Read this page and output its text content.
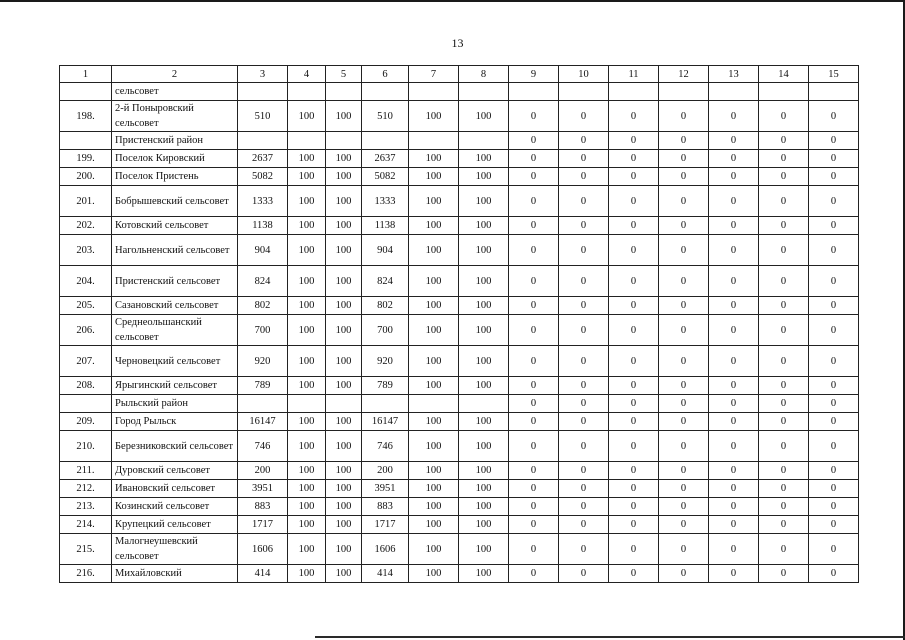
13
1	2	3	4	5	6	7	8	9	10	11	12	13	14	15
	сельсовет													
198.	2-й Поныровский сельсовет	510	100	100	510	100	100	0	0	0	0	0	0	0
	Пристенский район							0	0	0	0	0	0	0
199.	Поселок Кировский	2637	100	100	2637	100	100	0	0	0	0	0	0	0
200.	Поселок Пристень	5082	100	100	5082	100	100	0	0	0	0	0	0	0
201.	Бобрышевский сельсовет	1333	100	100	1333	100	100	0	0	0	0	0	0	0
202.	Котовский сельсовет	1138	100	100	1138	100	100	0	0	0	0	0	0	0
203.	Нагольненский сельсовет	904	100	100	904	100	100	0	0	0	0	0	0	0
204.	Пристенский сельсовет	824	100	100	824	100	100	0	0	0	0	0	0	0
205.	Сазановский сельсовет	802	100	100	802	100	100	0	0	0	0	0	0	0
206.	Среднеольшанский сельсовет	700	100	100	700	100	100	0	0	0	0	0	0	0
207.	Черновецкий сельсовет	920	100	100	920	100	100	0	0	0	0	0	0	0
208.	Ярыгинский сельсовет	789	100	100	789	100	100	0	0	0	0	0	0	0
	Рыльский район							0	0	0	0	0	0	0
209.	Город Рыльск	16147	100	100	16147	100	100	0	0	0	0	0	0	0
210.	Березниковский сельсовет	746	100	100	746	100	100	0	0	0	0	0	0	0
211.	Дуровский сельсовет	200	100	100	200	100	100	0	0	0	0	0	0	0
212.	Ивановский сельсовет	3951	100	100	3951	100	100	0	0	0	0	0	0	0
213.	Козинский сельсовет	883	100	100	883	100	100	0	0	0	0	0	0	0
214.	Крупецкий сельсовет	1717	100	100	1717	100	100	0	0	0	0	0	0	0
215.	Малогнеушевский сельсовет	1606	100	100	1606	100	100	0	0	0	0	0	0	0
216.	Михайловский	414	100	100	414	100	100	0	0	0	0	0	0	0
